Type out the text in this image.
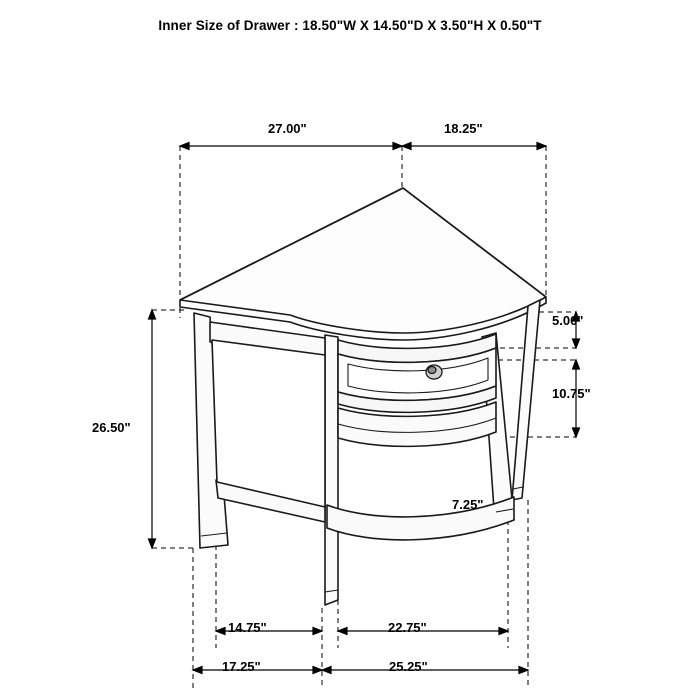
Inner Size of Drawer : 18.50"W X 14.50"D X 3.50"H X 0.50"T
27.00"	18.25"
5.00"
10.75"
26.50"
7.25"
14.75"	22.75"
17.25"	25.25"
